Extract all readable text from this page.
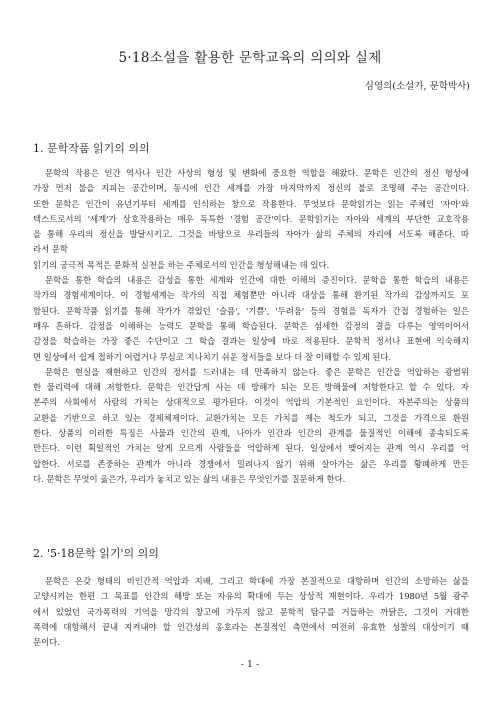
5·18소설을 활용한 문학교육의 의의와 실제
심영의(소설가, 문학박사)
1. 문학작품 읽기의 의의
문학의 작용은 인간 역사나 인간 사상의 형성 및 변화에 중요한 역할을 해왔다. 문학은 인간의 정신 형성에
가장 먼저 불을 지피는 공간이며, 동시에 인간 세계를 가장 마지막까지 정신의 불로 조명해 주는 공간이다.
또한 문학은 인간이 유년기부터 세계를 인식하는 창으로 작용한다. 무엇보다 문학읽기는 읽는 주체인 '자아'와
텍스트로서의 '세계'가 상호작용하는 매우 독특한 '경험 공간'이다. 문학읽기는 자아와 세계의 부단한 교호작용
을 통해 우리의 정신을 발달시키고. 그것을 바탕으로 우리들의 자아가 삶의 주체의 자리에 서도록 해준다. 따
라서 문학
읽기의 궁극적 목적은 문화적 실천을 하는 주체로서의 인간을 형성해내는 데 있다.
문학을 통한 학습의 내용은 감성을 통한 세계와 인간에 대한 이해의 증진이다. 문학을 통한 학습의 내용은
작가의 경험세계이다. 이 경험세계는 작가의 직접 체험뿐만 아니라 대상을 통해 환기된 작가의 감상까지도 포
함된다. 문학작품 읽기를 통해 작가가 겪었던 '슬픔', '기쁨', '두려움' 등의 경험을 독자가 간접 경험하는 일은
매우 흔하다. 감정을 이해하는 능력도 문학을 통해 학습된다. 문학은 섬세한 감정의 결을 다루는 영역이어서
감정을 학습하는 가장 좋은 수단이고 그 학습 결과는 일상에 바로 적용된다. 문학적 정서나 표현에 익숙해지
면 일상에서 쉽게 접하기 어렵거나 무심코 지나치기 쉬운 정서들을 보다 더 잘 이해할 수 있게 된다.
문학은 현실을 재현하고 인간의 정서를 드러내는 데 만족하지 않는다. 좋은 문학은 인간을 억압하는 광범위
한 물리력에 대해 저항한다. 문학은 인간답게 사는 데 방해가 되는 모든 방해물에 저항한다고 할 수 있다. 자
본주의 사회에서 사람의 가치는 상대적으로 평가된다. 이것이 억압의 기본적인 요인이다. 자본주의는 상품의
교환을 기반으로 하고 있는 경제체제이다. 교환가치는 모든 가치를 재는 척도가 되고, 그것을 가격으로 환원
한다. 상품의 이러한 특징은 사물과 인간의 관계, 나아가 인간과 인간의 관계를 물질적인 이해에 종속되도록
만든다. 이런 획일적인 가치는 알게 모르게 사람들을 억압하게 된다. 일상에서 맺어지는 관계 역시 우리를 억
압한다. 서로를 존중하는 관계가 아니라 경쟁에서 밀려나지 않기 위해 살아가는 삶은 우리를 황폐하게 만든
다. 문학은 무엇이 옳은가, 우리가 놓치고 있는 삶의 내용은 무엇인가를 질문하게 한다.
2. '5·18문학 읽기'의 의의
문학은 온갖 형태의 비인간적 억압과 지배, 그리고 학대에 가장 본질적으로 대항하며 인간의 소망하는 삶을
고양시키는 한편 그 목표를 인간의 해방 또는 자유의 확대에 두는 상상적 재현이다. 우리가 1980년 5월 광주
에서 있었던 국가폭력의 기억을 망각의 창고에 가두지 않고 문학적 탐구를 거듭하는 까닭은, 그것이 거대한
폭력에 대항해서 끝내 지켜내야 할 인간성의 옹호라는 본질적인 측면에서 여전히 유효한 성찰의 대상이기 때
문이다.
- 1 -
